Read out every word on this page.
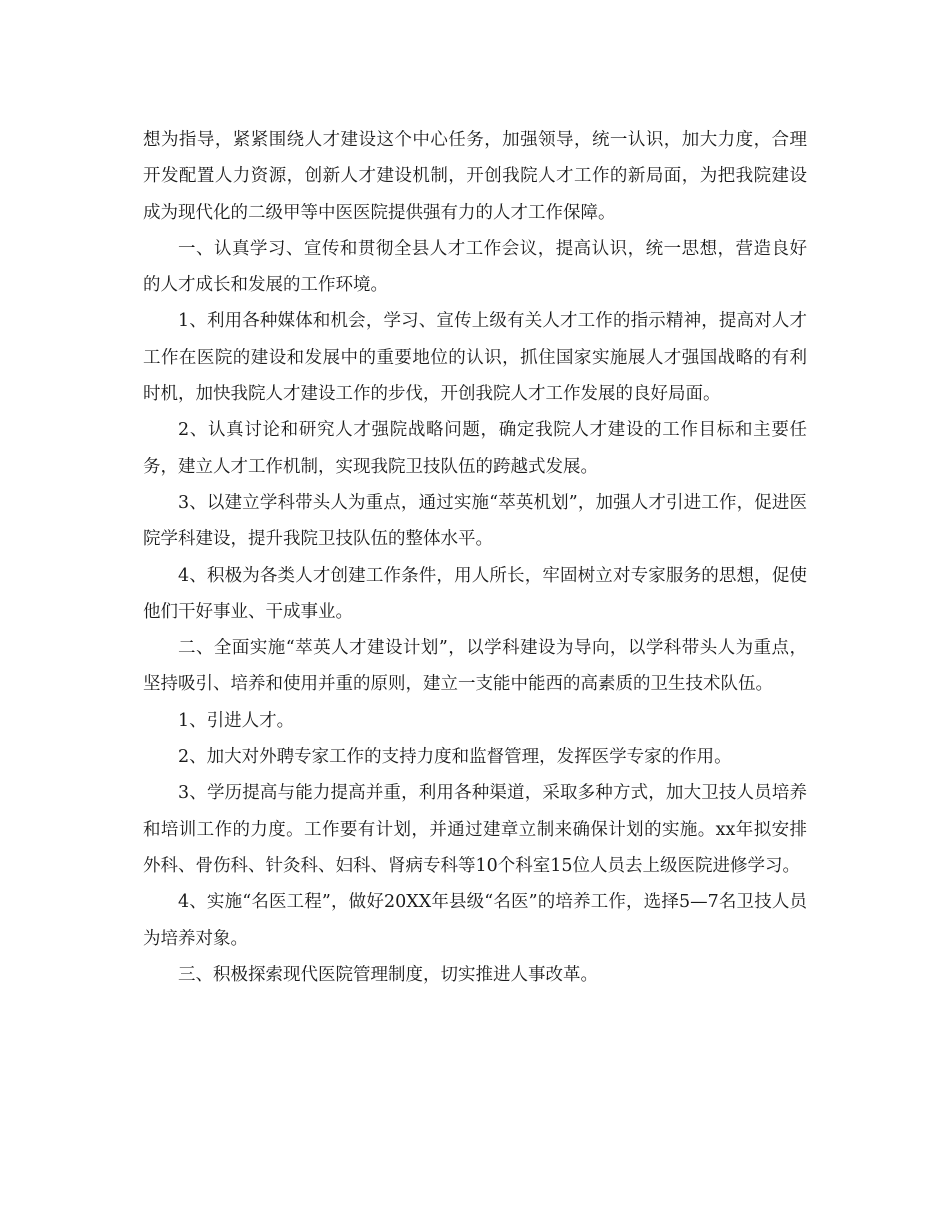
想为指导，紧紧围绕人才建设这个中心任务，加强领导，统一认识，加大力度，合理开发配置人力资源，创新人才建设机制，开创我院人才工作的新局面，为把我院建设成为现代化的二级甲等中医医院提供强有力的人才工作保障。

一、认真学习、宣传和贯彻全县人才工作会议，提高认识，统一思想，营造良好的人才成长和发展的工作环境。

1、利用各种媒体和机会，学习、宣传上级有关人才工作的指示精神，提高对人才工作在医院的建设和发展中的重要地位的认识，抓住国家实施展人才强国战略的有利时机，加快我院人才建设工作的步伐，开创我院人才工作发展的良好局面。

2、认真讨论和研究人才强院战略问题，确定我院人才建设的工作目标和主要任务，建立人才工作机制，实现我院卫技队伍的跨越式发展。

3、以建立学科带头人为重点，通过实施“萃英机划”，加强人才引进工作，促进医院学科建设，提升我院卫技队伍的整体水平。

4、积极为各类人才创建工作条件，用人所长，牢固树立对专家服务的思想，促使他们干好事业、干成事业。

二、全面实施“萃英人才建设计划”，以学科建设为导向，以学科带头人为重点，坚持吸引、培养和使用并重的原则，建立一支能中能西的高素质的卫生技术队伍。

1、引进人才。

2、加大对外聘专家工作的支持力度和监督管理，发挥医学专家的作用。

3、学历提高与能力提高并重，利用各种渠道，采取多种方式，加大卫技人员培养和培训工作的力度。工作要有计划，并通过建章立制来确保计划的实施。xx年拟安排外科、骨伤科、针灸科、妇科、肾病专科等10个科室15位人员去上级医院进修学习。

4、实施“名医工程”，做好20XX年县级“名医”的培养工作，选择5—7名卫技人员为培养对象。

三、积极探索现代医院管理制度，切实推进人事改革。
